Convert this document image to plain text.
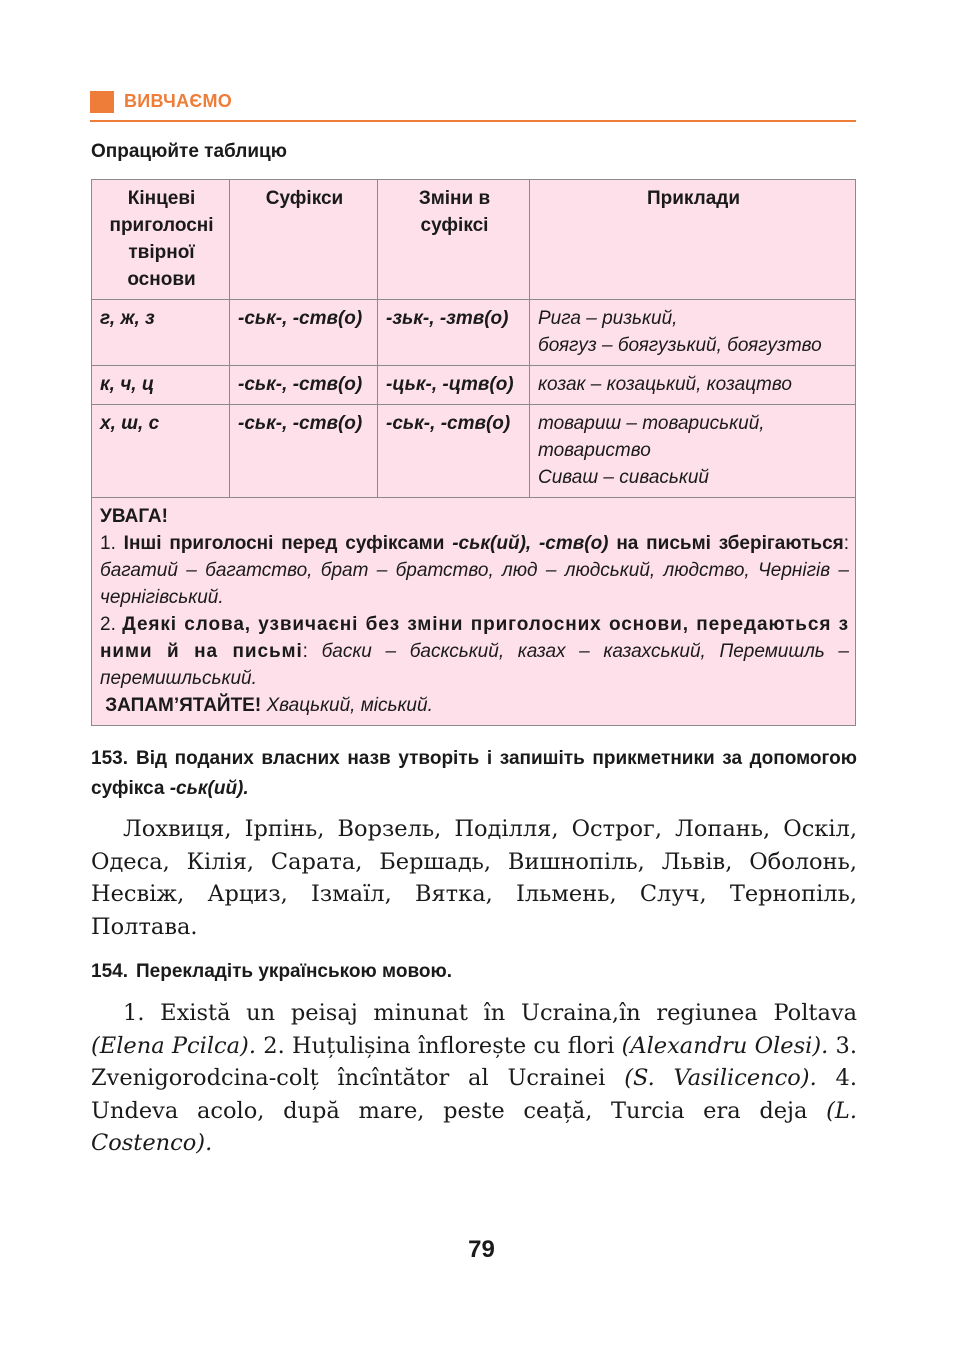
ВИВЧАЄМО
Опрацюйте таблицю
Кінцеві приголосні твірної основи	Суфікси	Зміни в суфіксі	Приклади
г, ж, з	-ськ-, -ств(о)	-зьк-, -зтв(о)	Рига – ризький,
боягуз – боягузький, боягузтво

к, ч, ц	-ськ-, -ств(о)	-цьк-, -цтв(о)	козак – козацький, козацтво

х, ш, с	-ськ-, -ств(о)	-ськ-, -ств(о)	товариш – товариський,
товариство
Сиваш – сиваський

УВАГА!
1. Інші приголосні перед суфіксами -ськ(ий), -ств(о) на письмі зберігаються: багатий – багатство, брат – братство, люд – людський, людство, Чернігів – чернігівський.
2. Деякі слова, узвичаєні без зміни приголосних основи, передаються з ними й на письмі: баски – баскський, казах – казахський, Перемишль – перемишльський.
ЗАПАМ’ЯТАЙТЕ! Хвацький, міський.			
153. Від поданих власних назв утворіть і запишіть прикметники за допомогою суфікса -ськ(ий).
Лохвиця, Ірпінь, Ворзель, Поділля, Острог, Лопань, Оскіл, Одеса, Кілія, Сарата, Бершадь, Вишнопіль, Львів, Оболонь, Несвіж, Арциз, Ізмаїл, Вятка, Ільмень, Случ, Тернопіль, Полтава.
154. Перекладіть українською мовою.
1. Există un peisaj minunat în Ucraina,în regiunea Poltava (Elena Pcilca). 2. Huțulișina înflorește cu flori (Alexandru Olesi). 3. Zvenigorodcina-colț încîntător al Ucrainei (S. Vasilicenco). 4. Undeva acolo, după mare, peste ceață, Turcia era deja (L. Costenco).
79
